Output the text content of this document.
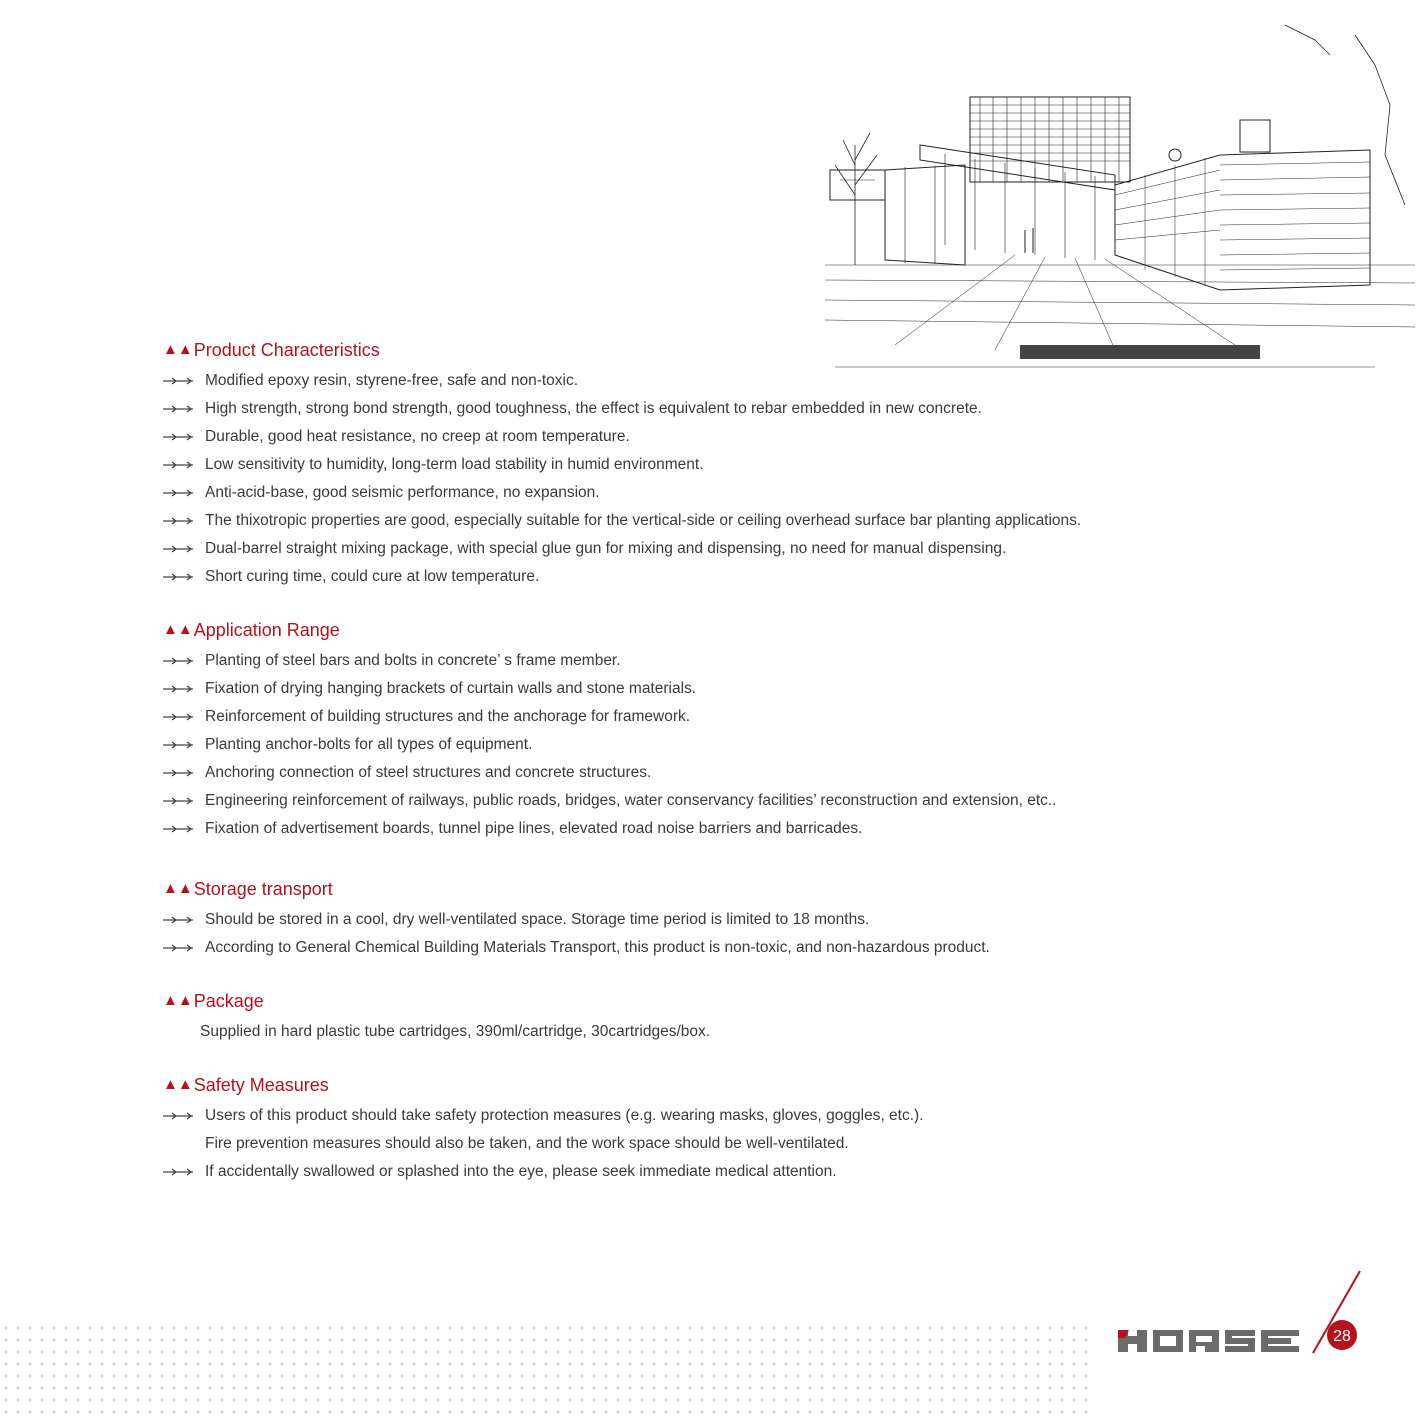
▲▲ Product Characteristics
Modified epoxy resin, styrene-free, safe and non-toxic.
High strength, strong bond strength, good toughness, the effect is equivalent to rebar embedded in new concrete.
Durable, good heat resistance, no creep at room temperature.
Low sensitivity to humidity, long-term load stability in humid environment.
Anti-acid-base, good seismic performance, no expansion.
The thixotropic properties are good, especially suitable for the vertical-side or ceiling overhead surface bar planting applications.
Dual-barrel straight mixing package, with special glue gun for mixing and dispensing, no need for manual dispensing.
Short curing time, could cure at low temperature.
▲▲ Application Range
Planting of steel bars and bolts in concrete’ s frame member.
Fixation of drying hanging brackets of curtain walls and stone materials.
Reinforcement of building structures and the anchorage for framework.
Planting anchor-bolts for all types of equipment.
Anchoring connection of steel structures and concrete structures.
Engineering reinforcement of railways, public roads, bridges, water conservancy facilities’ reconstruction and extension, etc..
Fixation of advertisement boards, tunnel pipe lines, elevated road noise barriers and barricades.
▲▲ Storage transport
Should be stored in a cool, dry well-ventilated space. Storage time period is limited to 18 months.
According to General Chemical Building Materials Transport, this product is non-toxic, and non-hazardous product.
▲▲ Package
Supplied in hard plastic tube cartridges, 390ml/cartridge, 30cartridges/box.
▲▲ Safety Measures
Users of this product should take safety protection measures (e.g. wearing masks, gloves, goggles, etc.).
Fire prevention measures should also be taken, and the work space should be well-ventilated.
If accidentally swallowed or splashed into the eye, please seek immediate medical attention.
28
